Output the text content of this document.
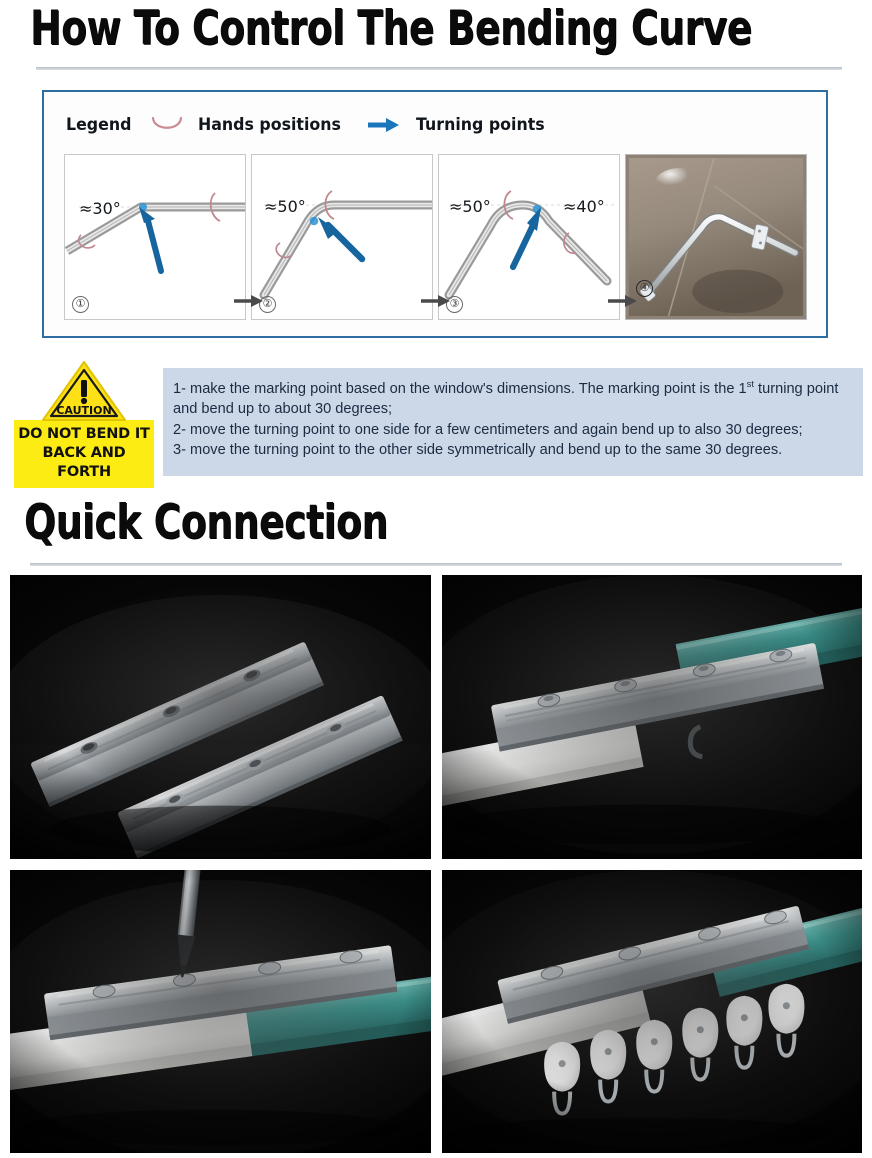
How To Control The Bending Curve
Legend	Hands positions	Turning points
≈30°
①
≈50°
②
≈50°	≈40°
③
④
CAUTION
DO NOT BEND IT
BACK AND FORTH

1- make the marking point based on the window's dimensions. The marking point is the 1st turning point and bend up to about 30 degrees;

2- move the turning point to one side for a few centimeters and again bend up to also 30 degrees;

3- move the turning point to the other side symmetrically and bend up to the same 30 degrees.

Quick Connection
